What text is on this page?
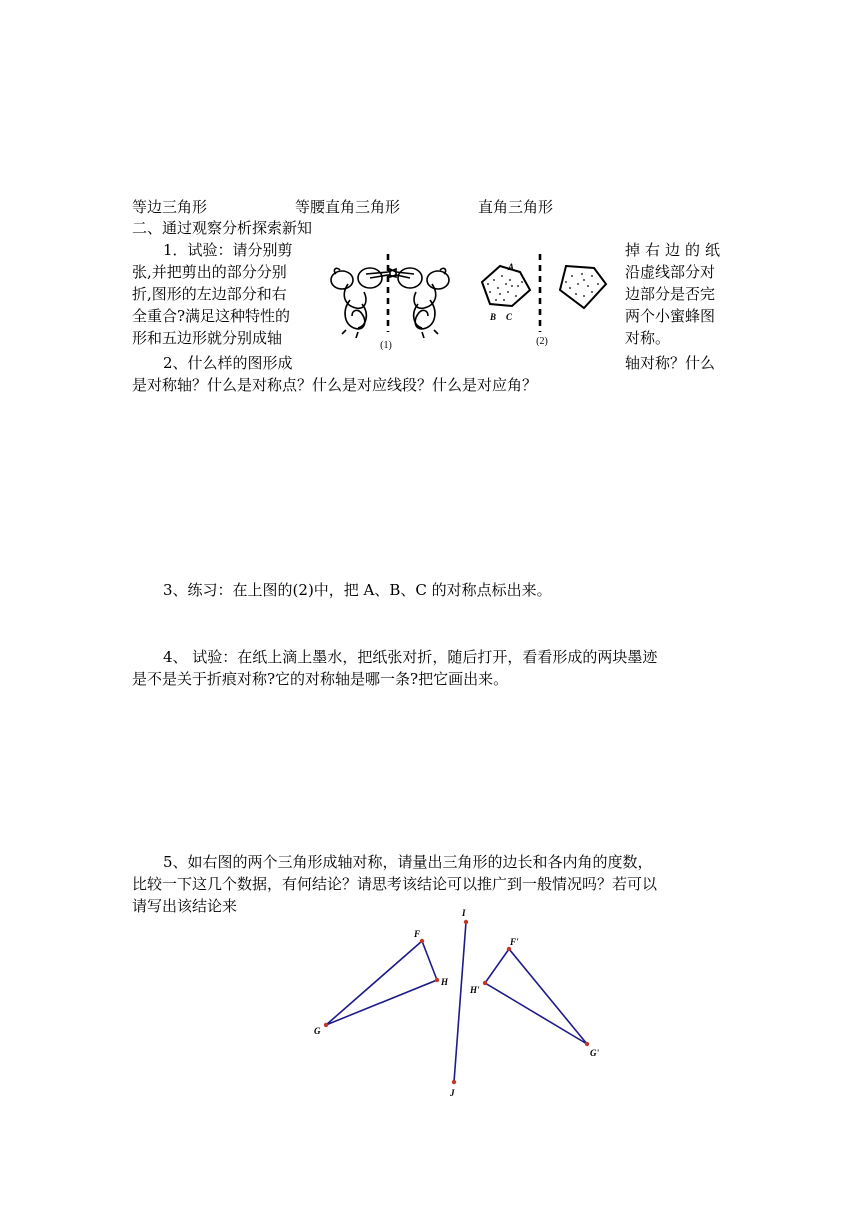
等边三角形	等腰直角三角形	直角三角形
二、通过观察分析探索新知
1．试验：请分别剪
张,并把剪出的部分分别
折,图形的左边部分和右
全重合?满足这种特性的
形和五边形就分别成轴
掉右边的纸
沿虚线部分对
边部分是否完
两个小蜜蜂图
对称。
(1)
A
B C
(2)
2、什么样的图形成	轴对称？什么
是对称轴？什么是对称点？什么是对应线段？什么是对应角？
3、练习：在上图的(2)中，把 A、B、C 的对称点标出来。
4、 试验：在纸上滴上墨水，把纸张对折，随后打开，看看形成的两块墨迹
是不是关于折痕对称?它的对称轴是哪一条?把它画出来。
5、如右图的两个三角形成轴对称，请量出三角形的边长和各内角的度数，
比较一下这几个数据，有何结论？请思考该结论可以推广到一般情况吗？若可以
请写出该结论来
F
G
H
F'
H'
G'
I
J
